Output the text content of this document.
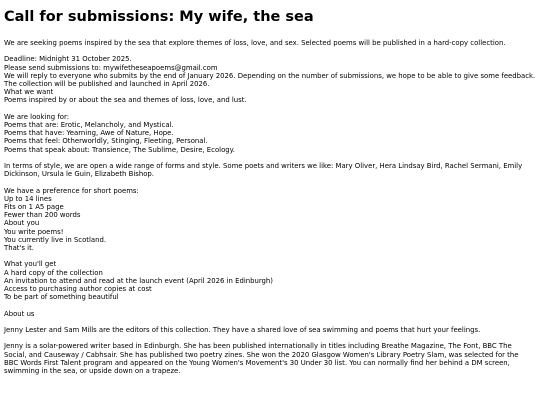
Call for submissions: My wife, the sea
We are seeking poems inspired by the sea that explore themes of loss, love, and sex. Selected poems will be published in a hard-copy collection.
Deadline: Midnight 31 October 2025.
Please send submissions to: mywifetheseapoems@gmail.com
We will reply to everyone who submits by the end of January 2026. Depending on the number of submissions, we hope to be able to give some feedback.
The collection will be published and launched in April 2026.
What we want
Poems inspired by or about the sea and themes of loss, love, and lust.
We are looking for:
Poems that are: Erotic, Melancholy, and Mystical.
Poems that have: Yearning, Awe of Nature, Hope.
Poems that feel: Otherworldly, Stinging, Fleeting, Personal.
Poems that speak about: Transience, The Sublime, Desire, Ecology.
In terms of style, we are open a wide range of forms and style. Some poets and writers we like: Mary Oliver, Hera Lindsay Bird, Rachel Sermani, Emily Dickinson, Ursula le Guin, Elizabeth Bishop.
We have a preference for short poems:
Up to 14 lines
Fits on 1 A5 page
Fewer than 200 words
About you
You write poems!
You currently live in Scotland.
That's it.
What you'll get
A hard copy of the collection
An invitation to attend and read at the launch event (April 2026 in Edinburgh)
Access to purchasing author copies at cost
To be part of something beautiful
About us
Jenny Lester and Sam Mills are the editors of this collection. They have a shared love of sea swimming and poems that hurt your feelings.
Jenny is a solar-powered writer based in Edinburgh. She has been published internationally in titles including Breathe Magazine, The Font, BBC The Social, and Causeway / Cabhsair. She has published two poetry zines. She won the 2020 Glasgow Women's Library Poetry Slam, was selected for the BBC Words First Talent program and appeared on the Young Women's Movement's 30 Under 30 list. You can normally find her behind a DM screen, swimming in the sea, or upside down on a trapeze.
